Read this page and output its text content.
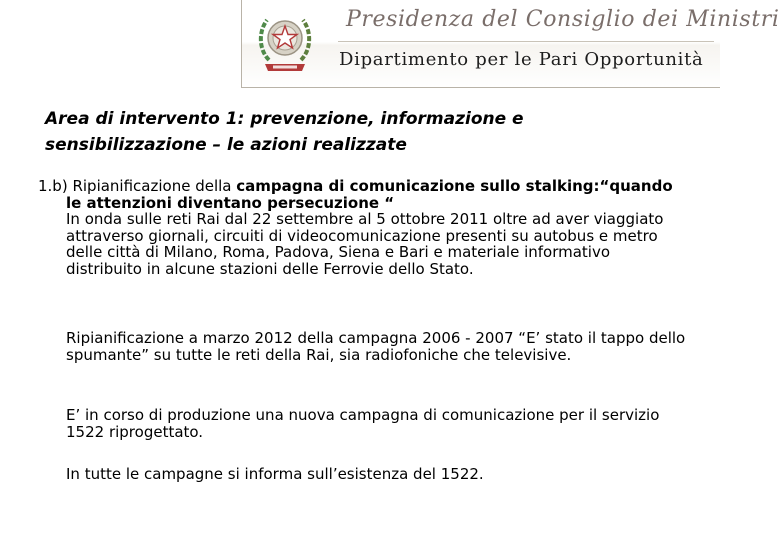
Presidenza del Consiglio dei Ministri
Dipartimento per le Pari Opportunità
Area di intervento 1: prevenzione, informazione e
sensibilizzazione – le azioni realizzate

1.b) Ripianificazione della campagna di comunicazione sullo stalking:“quando le attenzioni diventano persecuzione “

In onda sulle reti Rai dal 22 settembre al 5 ottobre 2011 oltre ad aver viaggiato attraverso giornali, circuiti di videocomunicazione presenti su autobus e metro delle città di Milano, Roma, Padova, Siena e Bari e materiale informativo distribuito in alcune stazioni delle Ferrovie dello Stato.

Ripianificazione a marzo 2012 della campagna 2006 - 2007 “E’ stato il tappo dello spumante” su tutte le reti della Rai, sia radiofoniche che televisive.

E’ in corso di produzione una nuova campagna di comunicazione per il servizio 1522 riprogettato.

In tutte le campagne si informa sull’esistenza del 1522.
